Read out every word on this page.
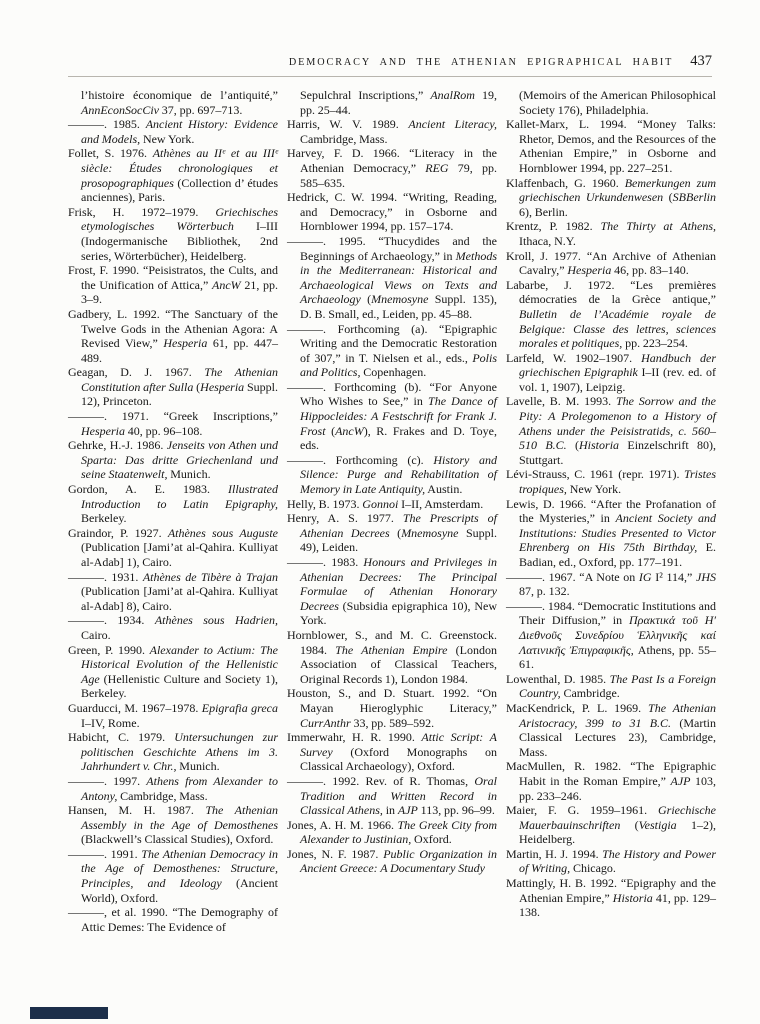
DEMOCRACY AND THE ATHENIAN EPIGRAPHICAL HABIT 437

l’histoire économique de l’antiquité,” AnnEconSocCiv 37, pp. 697–713.

———. 1985. Ancient History: Evidence and Models, New York.

Follet, S. 1976. Athènes au IIᵉ et au IIIᵉ siècle: Études chronologiques et prosopographiques (Collection d’ études anciennes), Paris.

Frisk, H. 1972–1979. Griechisches etymologisches Wörterbuch I–III (Indogermanische Bibliothek, 2nd series, Wörterbücher), Heidelberg.

Frost, F. 1990. “Peisistratos, the Cults, and the Unification of Attica,” AncW 21, pp. 3–9.

Gadbery, L. 1992. “The Sanctuary of the Twelve Gods in the Athenian Agora: A Revised View,” Hesperia 61, pp. 447–489.

Geagan, D. J. 1967. The Athenian Constitution after Sulla (Hesperia Suppl. 12), Princeton.

———. 1971. “Greek Inscriptions,” Hesperia 40, pp. 96–108.

Gehrke, H.-J. 1986. Jenseits von Athen und Sparta: Das dritte Griechenland und seine Staatenwelt, Munich.

Gordon, A. E. 1983. Illustrated Introduction to Latin Epigraphy, Berkeley.

Graindor, P. 1927. Athènes sous Auguste (Publication [Jami’at al-Qahira. Kulliyat al-Adab] 1), Cairo.

———. 1931. Athènes de Tibère à Trajan (Publication [Jami’at al-Qahira. Kulliyat al-Adab] 8), Cairo.

———. 1934. Athènes sous Hadrien, Cairo.

Green, P. 1990. Alexander to Actium: The Historical Evolution of the Hellenistic Age (Hellenistic Culture and Society 1), Berkeley.

Guarducci, M. 1967–1978. Epigrafia greca I–IV, Rome.

Habicht, C. 1979. Untersuchungen zur politischen Geschichte Athens im 3. Jahrhundert v. Chr., Munich.

———. 1997. Athens from Alexander to Antony, Cambridge, Mass.

Hansen, M. H. 1987. The Athenian Assembly in the Age of Demosthenes (Blackwell’s Classical Studies), Oxford.

———. 1991. The Athenian Democracy in the Age of Demosthenes: Structure, Principles, and Ideology (Ancient World), Oxford.

———, et al. 1990. “The Demography of Attic Demes: The Evidence of

Sepulchral Inscriptions,” AnalRom 19, pp. 25–44.

Harris, W. V. 1989. Ancient Literacy, Cambridge, Mass.

Harvey, F. D. 1966. “Literacy in the Athenian Democracy,” REG 79, pp. 585–635.

Hedrick, C. W. 1994. “Writing, Reading, and Democracy,” in Osborne and Hornblower 1994, pp. 157–174.

———. 1995. “Thucydides and the Beginnings of Archaeology,” in Methods in the Mediterranean: Historical and Archaeological Views on Texts and Archaeology (Mnemosyne Suppl. 135), D. B. Small, ed., Leiden, pp. 45–88.

———. Forthcoming (a). “Epigraphic Writing and the Democratic Restoration of 307,” in T. Nielsen et al., eds., Polis and Politics, Copenhagen.

———. Forthcoming (b). “For Anyone Who Wishes to See,” in The Dance of Hippocleides: A Festschrift for Frank J. Frost (AncW), R. Frakes and D. Toye, eds.

———. Forthcoming (c). History and Silence: Purge and Rehabilitation of Memory in Late Antiquity, Austin.

Helly, B. 1973. Gonnoi I–II, Amsterdam.

Henry, A. S. 1977. The Prescripts of Athenian Decrees (Mnemosyne Suppl. 49), Leiden.

———. 1983. Honours and Privileges in Athenian Decrees: The Principal Formulae of Athenian Honorary Decrees (Subsidia epigraphica 10), New York.

Hornblower, S., and M. C. Greenstock. 1984. The Athenian Empire (London Association of Classical Teachers, Original Records 1), London 1984.

Houston, S., and D. Stuart. 1992. “On Mayan Hieroglyphic Literacy,” CurrAnthr 33, pp. 589–592.

Immerwahr, H. R. 1990. Attic Script: A Survey (Oxford Monographs on Classical Archaeology), Oxford.

———. 1992. Rev. of R. Thomas, Oral Tradition and Written Record in Classical Athens, in AJP 113, pp. 96–99.

Jones, A. H. M. 1966. The Greek City from Alexander to Justinian, Oxford.

Jones, N. F. 1987. Public Organization in Ancient Greece: A Documentary Study

(Memoirs of the American Philosophical Society 176), Philadelphia.

Kallet-Marx, L. 1994. “Money Talks: Rhetor, Demos, and the Resources of the Athenian Empire,” in Osborne and Hornblower 1994, pp. 227–251.

Klaffenbach, G. 1960. Bemerkungen zum griechischen Urkundenwesen (SBBerlin 6), Berlin.

Krentz, P. 1982. The Thirty at Athens, Ithaca, N.Y.

Kroll, J. 1977. “An Archive of Athenian Cavalry,” Hesperia 46, pp. 83–140.

Labarbe, J. 1972. “Les premières démocraties de la Grèce antique,” Bulletin de l’Académie royale de Belgique: Classe des lettres, sciences morales et politiques, pp. 223–254.

Larfeld, W. 1902–1907. Handbuch der griechischen Epigraphik I–II (rev. ed. of vol. 1, 1907), Leipzig.

Lavelle, B. M. 1993. The Sorrow and the Pity: A Prolegomenon to a History of Athens under the Peisistratids, c. 560–510 B.C. (Historia Einzelschrift 80), Stuttgart.

Lévi-Strauss, C. 1961 (repr. 1971). Tristes tropiques, New York.

Lewis, D. 1966. “After the Profanation of the Mysteries,” in Ancient Society and Institutions: Studies Presented to Victor Ehrenberg on His 75th Birthday, E. Badian, ed., Oxford, pp. 177–191.

———. 1967. “A Note on IG I² 114,” JHS 87, p. 132.

———. 1984. “Democratic Institutions and Their Diffusion,” in Πρακτικά τοῦ Η′ Διεθνοῦς Συνεδρίου Ἑλληνικῆς καί Λατινικῆς Ἐπιγραφικῆς, Athens, pp. 55–61.

Lowenthal, D. 1985. The Past Is a Foreign Country, Cambridge.

MacKendrick, P. L. 1969. The Athenian Aristocracy, 399 to 31 B.C. (Martin Classical Lectures 23), Cambridge, Mass.

MacMullen, R. 1982. “The Epigraphic Habit in the Roman Empire,” AJP 103, pp. 233–246.

Maier, F. G. 1959–1961. Griechische Mauerbauinschriften (Vestigia 1–2), Heidelberg.

Martin, H. J. 1994. The History and Power of Writing, Chicago.

Mattingly, H. B. 1992. “Epigraphy and the Athenian Empire,” Historia 41, pp. 129–138.
